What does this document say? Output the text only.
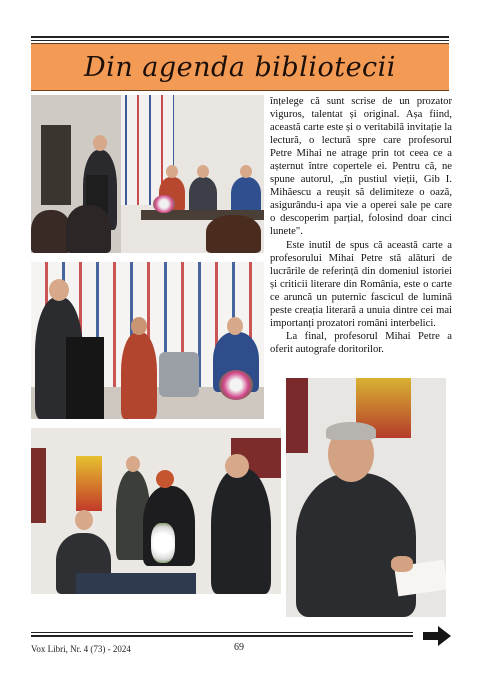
Din agenda bibliotecii

înțelege că sunt scrise de un prozator viguros, talentat și original. Așa fiind, această carte este și o veritabilă invitație la lectură, o lectură spre care profesorul Petre Mihai ne atrage prin tot ceea ce a așternut între copertele ei. Pentru că, ne spune autorul, „în pustiul vieții, Gib I. Mihăescu a reușit să delimiteze o oază, asigurându-i apa vie a operei sale pe care o descoperim parțial, folosind doar cinci lunete".

Este inutil de spus că această carte a profesorului Mihai Petre stă alături de lucrările de referință din domeniul istoriei și criticii literare din România, este o carte ce aruncă un puternic fascicul de lumină peste creația literară a unuia dintre cei mai importanți prozatori români interbelici.

La final, profesorul Mihai Petre a oferit autografe doritorilor.

Vox Libri, Nr. 4 (73) - 2024	69
